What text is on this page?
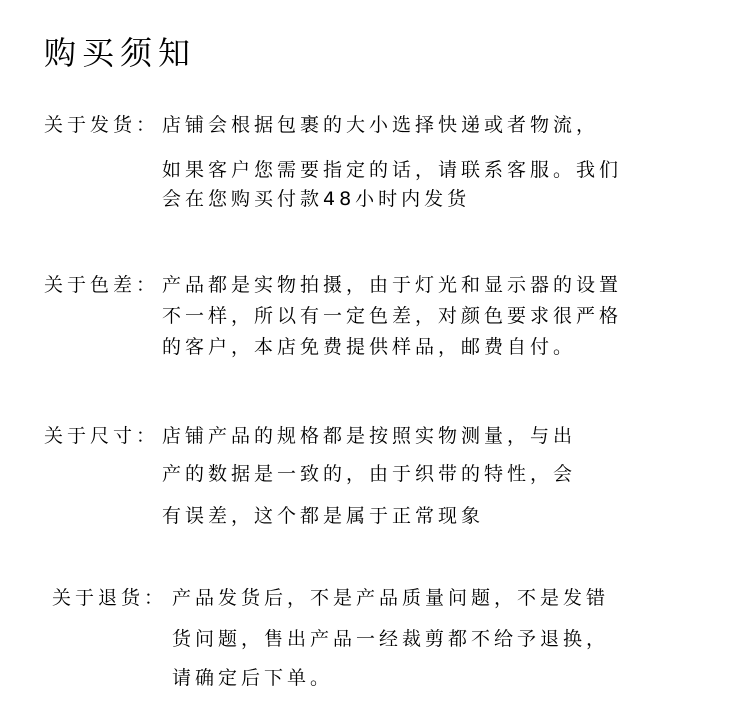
购买须知
关于发货： 店铺会根据包裹的大小选择快递或者物流，
如果客户您需要指定的话，请联系客服。我们
会在您购买付款48小时内发货
关于色差： 产品都是实物拍摄，由于灯光和显示器的设置
不一样，所以有一定色差，对颜色要求很严格
的客户，本店免费提供样品，邮费自付。
关于尺寸： 店铺产品的规格都是按照实物测量，与出
产的数据是一致的，由于织带的特性，会
有误差，这个都是属于正常现象
关于退货： 产品发货后，不是产品质量问题，不是发错
货问题，售出产品一经裁剪都不给予退换，
请确定后下单。
